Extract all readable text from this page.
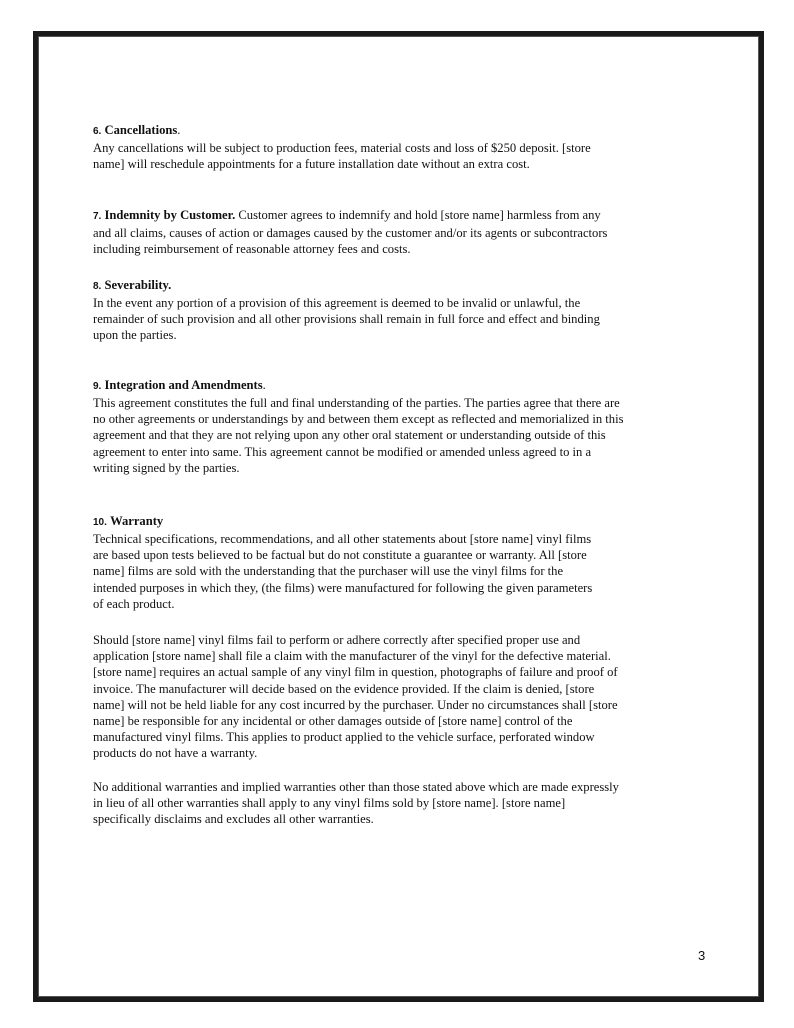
6. Cancellations.

Any cancellations will be subject to production fees, material costs and loss of $250 deposit. [store
name] will reschedule appointments for a future installation date without an extra cost.

7. Indemnity by Customer. Customer agrees to indemnify and hold [store name] harmless from any
and all claims, causes of action or damages caused by the customer and/or its agents or subcontractors
including reimbursement of reasonable attorney fees and costs.

8. Severability.

In the event any portion of a provision of this agreement is deemed to be invalid or unlawful, the
remainder of such provision and all other provisions shall remain in full force and effect and binding
upon the parties.

9. Integration and Amendments.

This agreement constitutes the full and final understanding of the parties. The parties agree that there are
no other agreements or understandings by and between them except as reflected and memorialized in this
agreement and that they are not relying upon any other oral statement or understanding outside of this
agreement to enter into same. This agreement cannot be modified or amended unless agreed to in a
writing signed by the parties.

10. Warranty

Technical specifications, recommendations, and all other statements about [store name] vinyl films
are based upon tests believed to be factual but do not constitute a guarantee or warranty. All [store
name] films are sold with the understanding that the purchaser will use the vinyl films for the
intended purposes in which they, (the films) were manufactured for following the given parameters
of each product.

Should [store name] vinyl films fail to perform or adhere correctly after specified proper use and
application [store name] shall file a claim with the manufacturer of the vinyl for the defective material.
[store name] requires an actual sample of any vinyl film in question, photographs of failure and proof of
invoice. The manufacturer will decide based on the evidence provided. If the claim is denied, [store
name] will not be held liable for any cost incurred by the purchaser. Under no circumstances shall [store
name] be responsible for any incidental or other damages outside of [store name] control of the
manufactured vinyl films. This applies to product applied to the vehicle surface, perforated window
products do not have a warranty.

No additional warranties and implied warranties other than those stated above which are made expressly
in lieu of all other warranties shall apply to any vinyl films sold by [store name]. [store name]
specifically disclaims and excludes all other warranties.

3
